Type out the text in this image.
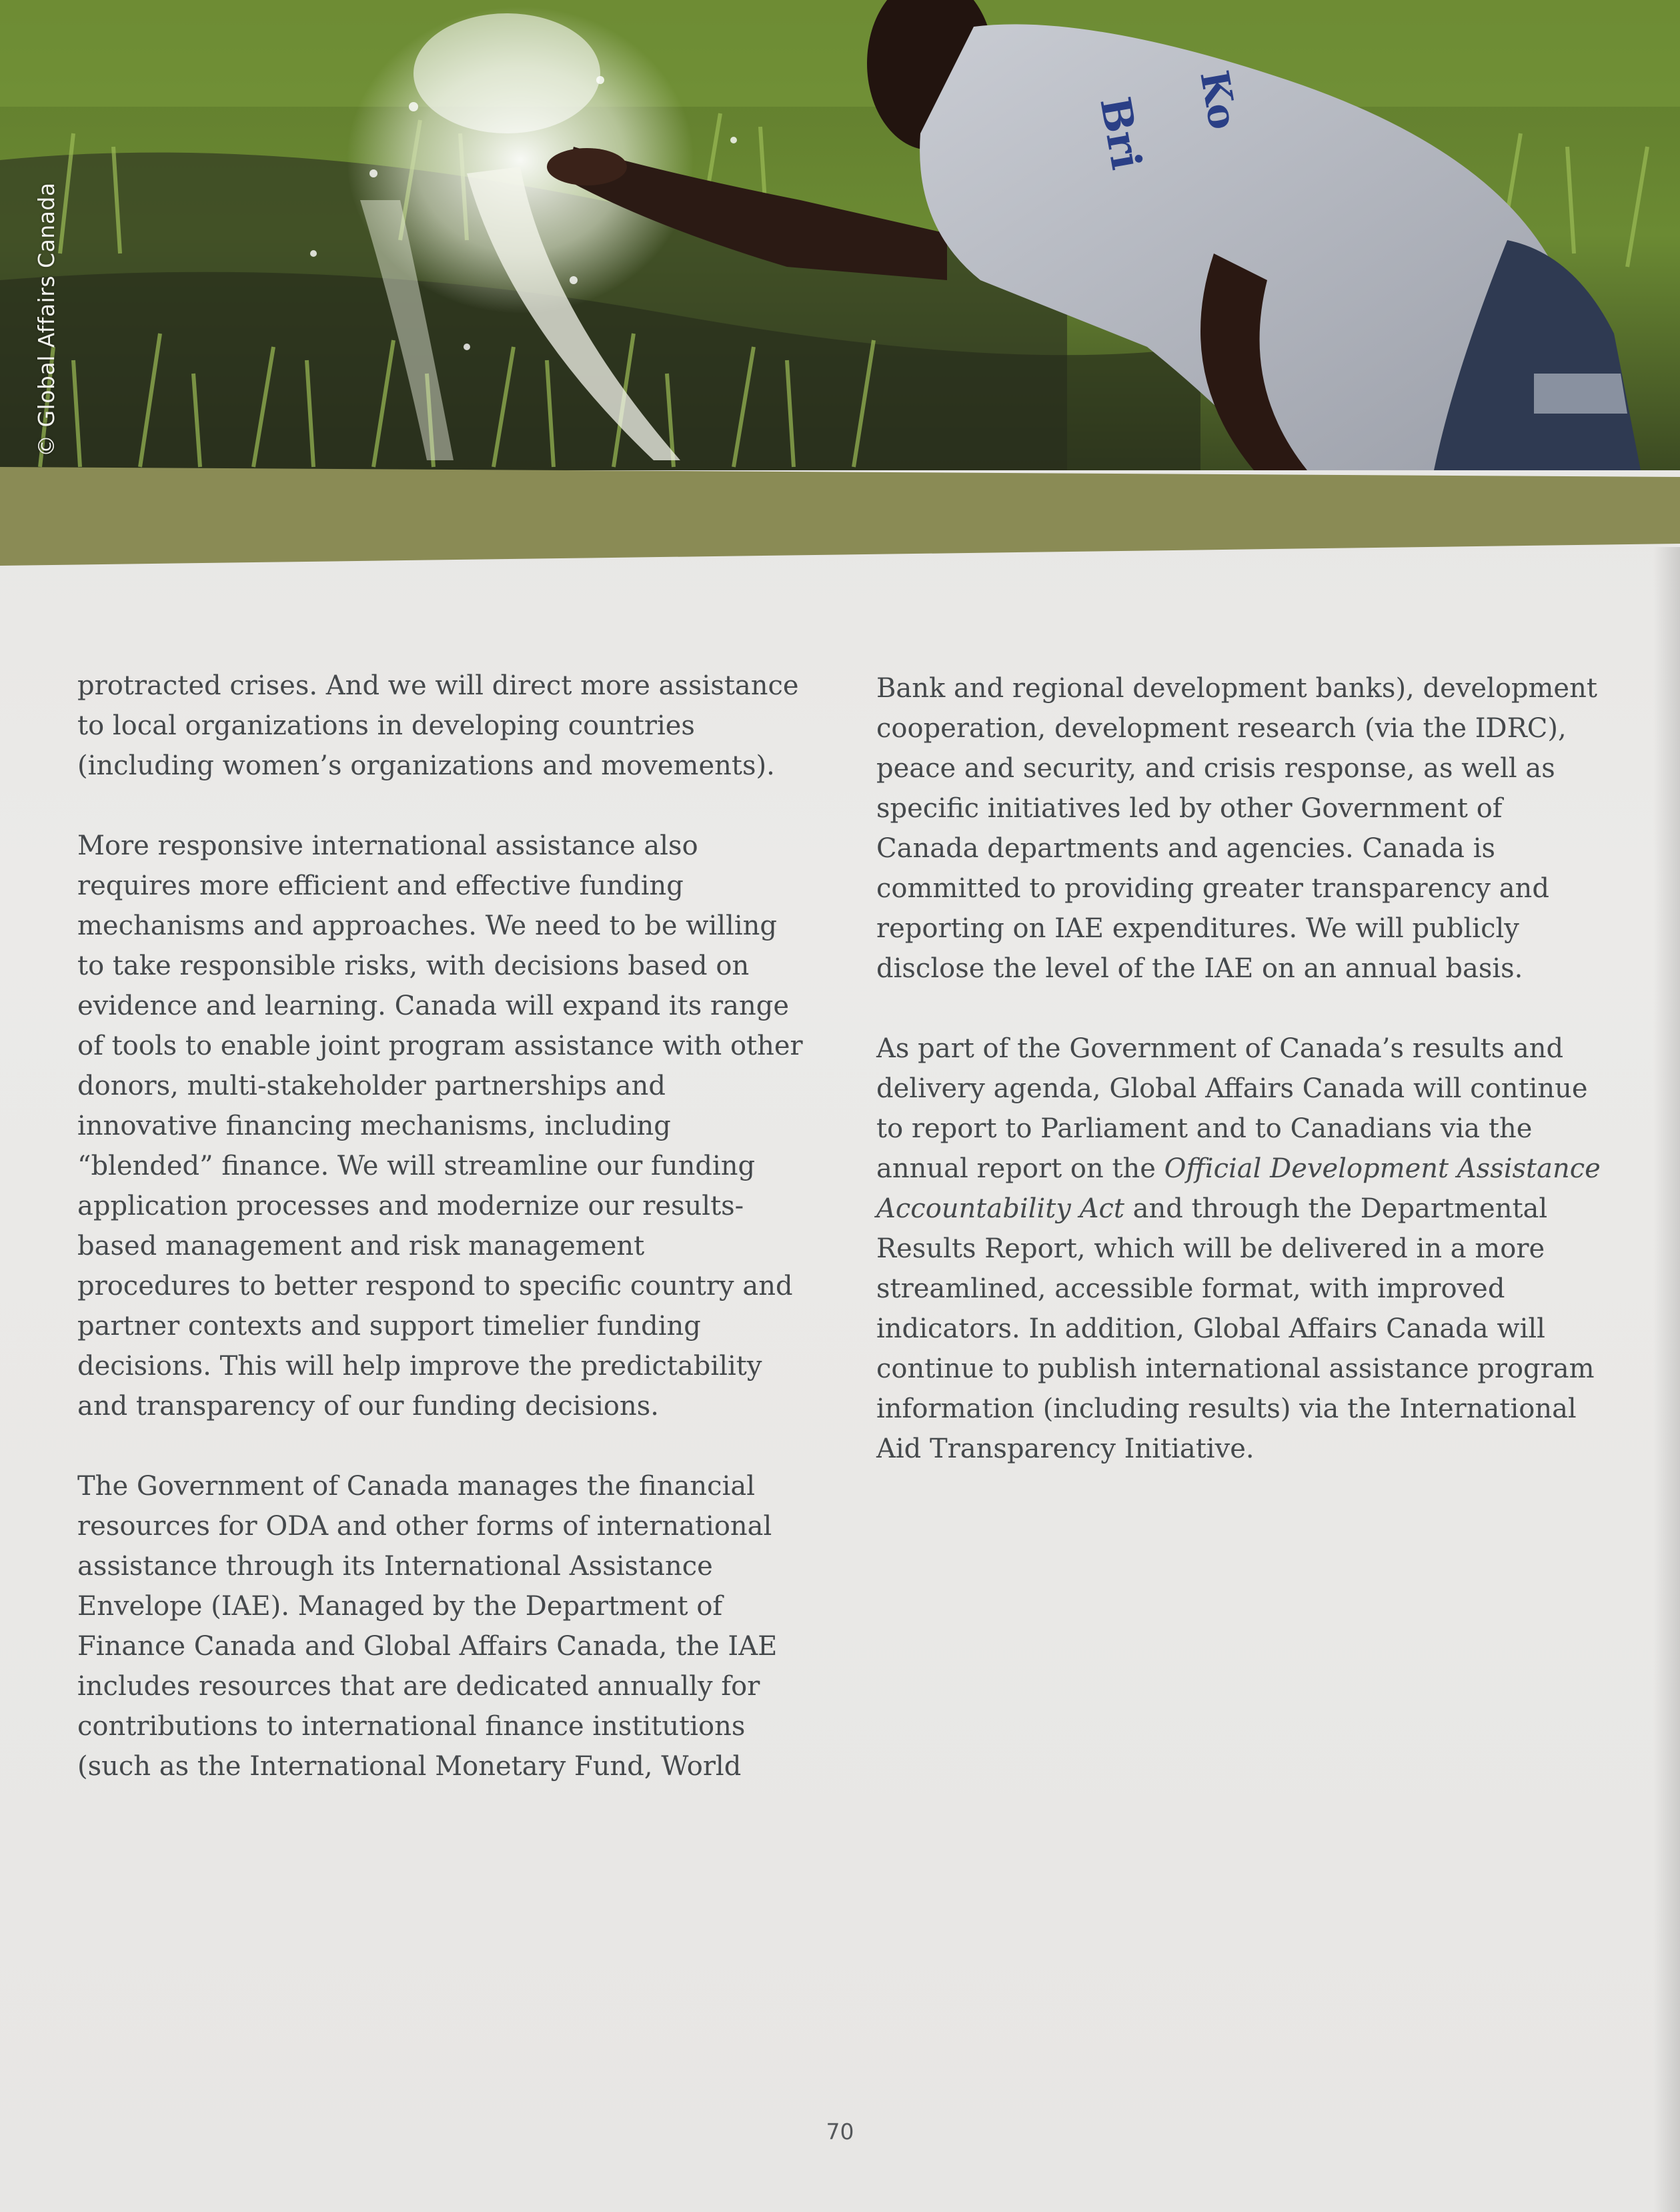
Bri Ko
© Global Affairs Canada

protracted crises. And we will direct more assistance to local organizations in developing countries (including women’s organizations and movements).

More responsive international assistance also requires more efficient and effective funding mechanisms and approaches. We need to be willing to take responsible risks, with decisions based on evidence and learning. Canada will expand its range of tools to enable joint program assistance with other donors, multi-stakeholder partnerships and innovative financing mechanisms, including “blended” finance. We will streamline our funding application processes and modernize our results-based management and risk management procedures to better respond to specific country and partner contexts and support timelier funding decisions. This will help improve the predictability and transparency of our funding decisions.

The Government of Canada manages the financial resources for ODA and other forms of international assistance through its International Assistance Envelope (IAE). Managed by the Department of Finance Canada and Global Affairs Canada, the IAE includes resources that are dedicated annually for contributions to international finance institutions (such as the International Monetary Fund, World

Bank and regional development banks), development cooperation, development research (via the IDRC), peace and security, and crisis response, as well as specific initiatives led by other Government of Canada departments and agencies. Canada is committed to providing greater transparency and reporting on IAE expenditures. We will publicly disclose the level of the IAE on an annual basis.

As part of the Government of Canada’s results and delivery agenda, Global Affairs Canada will continue to report to Parliament and to Canadians via the annual report on the Official Development Assistance Accountability Act and through the Departmental Results Report, which will be delivered in a more streamlined, accessible format, with improved indicators. In addition, Global Affairs Canada will continue to publish international assistance program information (including results) via the International Aid Transparency Initiative.

70
